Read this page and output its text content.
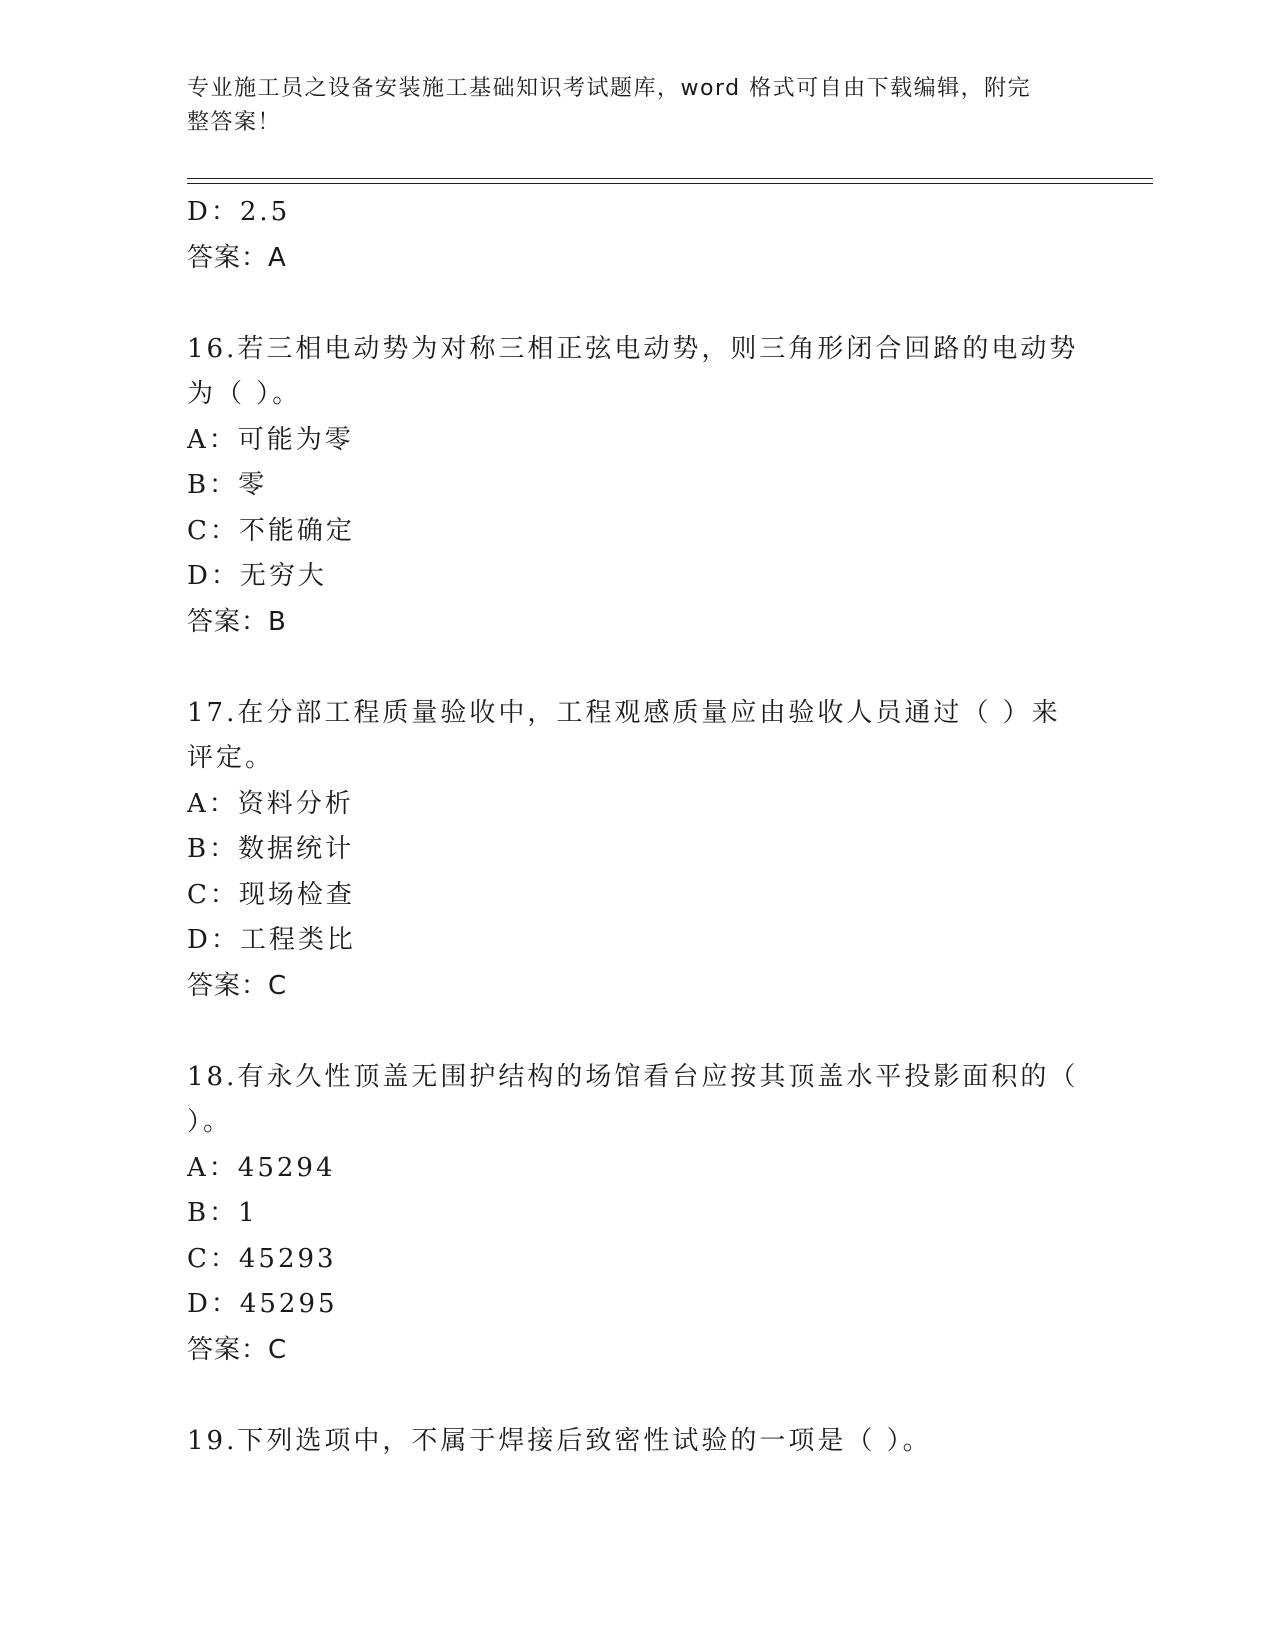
专业施工员之设备安装施工基础知识考试题库，word 格式可自由下载编辑，附完
整答案！
D：2.5
答案：A
16.若三相电动势为对称三相正弦电动势，则三角形闭合回路的电动势
为（ ）。
A：可能为零
B：零
C：不能确定
D：无穷大
答案：B
17.在分部工程质量验收中，工程观感质量应由验收人员通过（ ）来
评定。
A：资料分析
B：数据统计
C：现场检查
D：工程类比
答案：C
18.有永久性顶盖无围护结构的场馆看台应按其顶盖水平投影面积的（
）。
A：45294
B：1
C：45293
D：45295
答案：C
19.下列选项中，不属于焊接后致密性试验的一项是（ ）。
